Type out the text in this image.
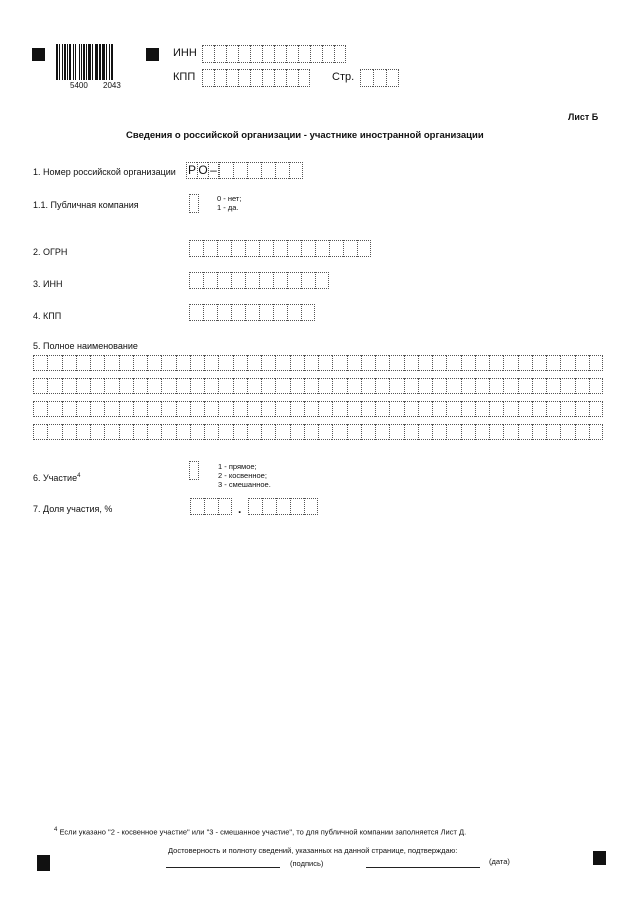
5400 2043
ИНН
КПП	Стр.
Лист Б
Сведения о российской организации - участнике иностранной организации
1. Номер российской организации Р О –
1.1. Публичная компания
0 - нет;
1 - да.
2. ОГРН
3. ИНН
4. КПП
5. Полное наименование
6. Участие$^4$
1 - прямое;
2 - косвенное;
3 - смешанное.
7. Доля участия, %	.
$^4$ Если указано "2 - косвенное участие" или "3 - смешанное участие", то для публичной компании заполняется Лист Д.
Достоверность и полноту сведений, указанных на данной странице, подтверждаю:
(подпись)	(дата)
